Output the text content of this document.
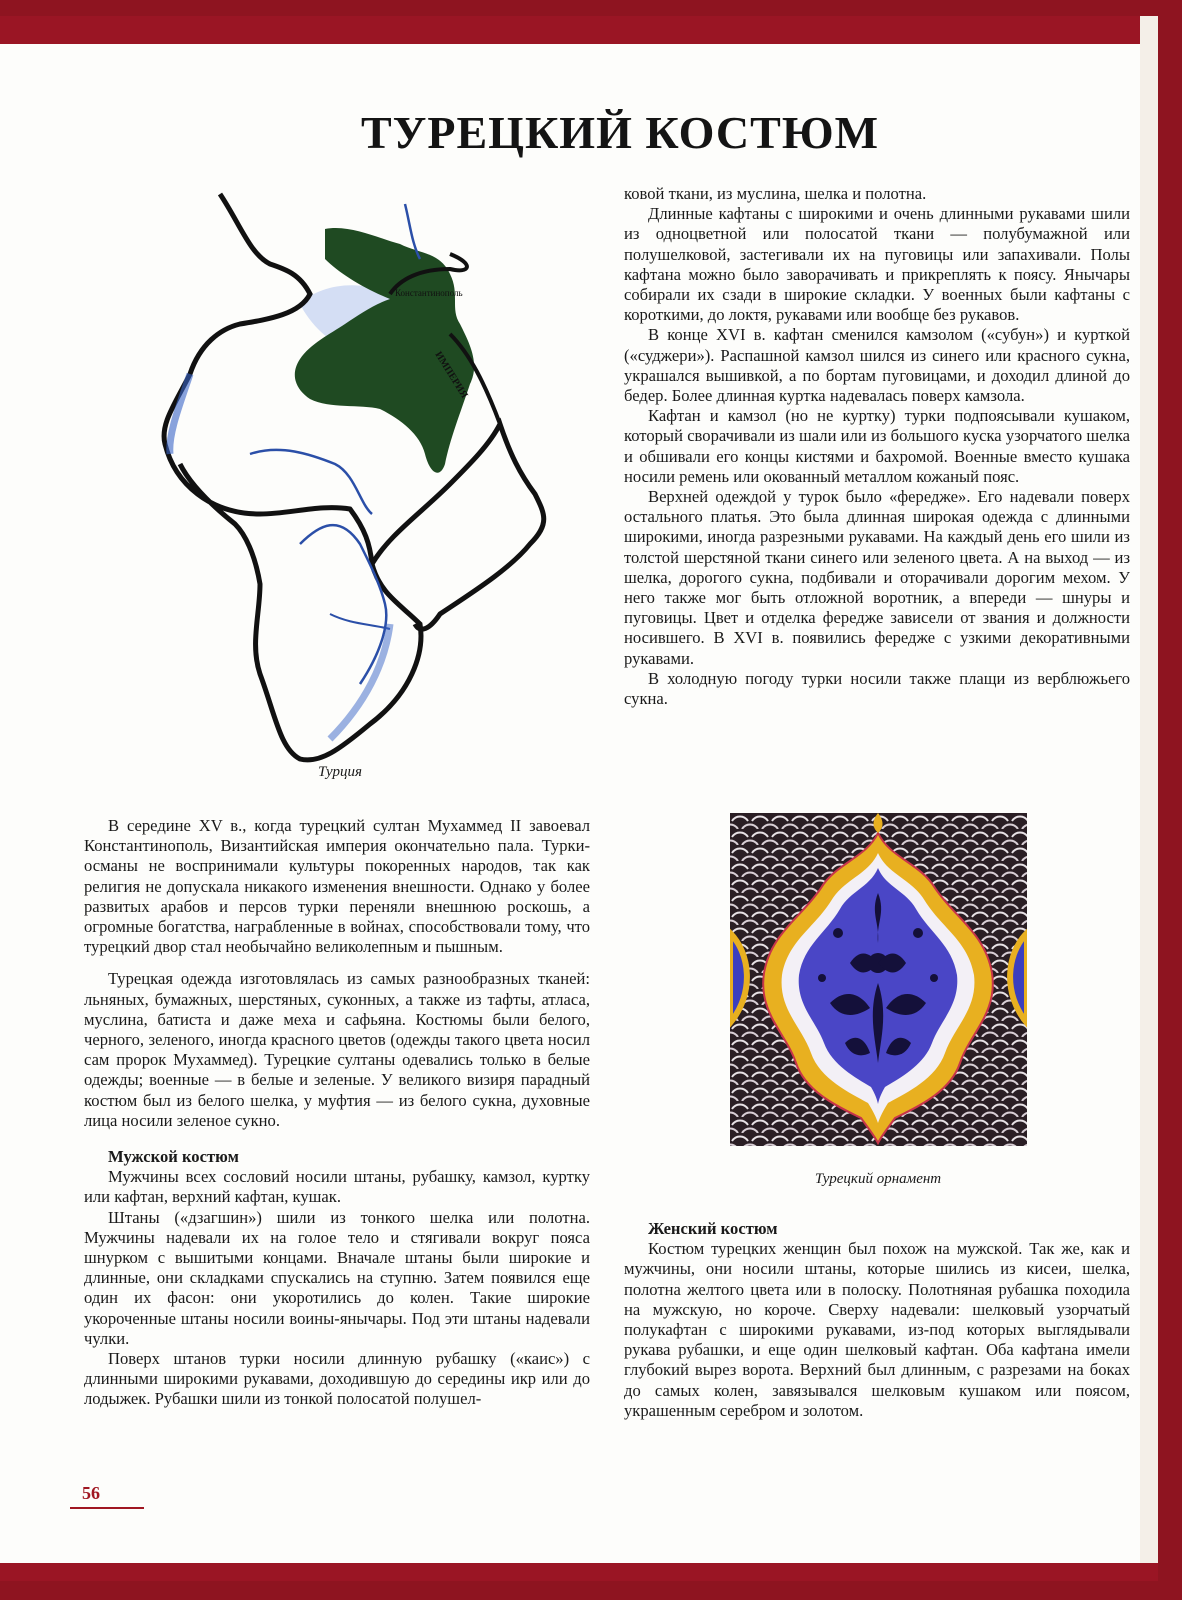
ТУРЕЦКИЙ КОСТЮМ
Константинополь
ИМПЕРИЯ
Турция

В середине XV в., когда турецкий султан Мухаммед II завоевал Константинополь, Византийская империя окончательно пала. Турки-османы не воспринимали культуры покоренных народов, так как религия не допускала никакого изменения внешности. Однако у более развитых арабов и персов турки переняли внешнюю роскошь, а огромные богатства, награбленные в войнах, способствовали тому, что турецкий двор стал необычайно великолепным и пышным.

Турецкая одежда изготовлялась из самых разнообразных тканей: льняных, бумажных, шерстяных, суконных, а также из тафты, атласа, муслина, батиста и даже меха и сафьяна. Костюмы были белого, черного, зеленого, иногда красного цветов (одежды такого цвета носил сам пророк Мухаммед). Турецкие султаны одевались только в белые одежды; военные — в белые и зеленые. У великого визиря парадный костюм был из белого шелка, у муфтия — из белого сукна, духовные лица носили зеленое сукно.

Мужской костюм

Мужчины всех сословий носили штаны, рубашку, камзол, куртку или кафтан, верхний кафтан, кушак.

Штаны («дзагшин») шили из тонкого шелка или полотна. Мужчины надевали их на голое тело и стягивали вокруг пояса шнурком с вышитыми концами. Вначале штаны были широкие и длинные, они складками спускались на ступню. Затем появился еще один их фасон: они укоротились до колен. Такие широкие укороченные штаны носили воины-янычары. Под эти штаны надевали чулки.

Поверх штанов турки носили длинную рубашку («каис») с длинными широкими рукавами, доходившую до середины икр или до лодыжек. Рубашки шили из тонкой полосатой полушел-

ковой ткани, из муслина, шелка и полотна.

Длинные кафтаны с широкими и очень длинными рукавами шили из одноцветной или полосатой ткани — полубумажной или полушелковой, застегивали их на пуговицы или запахивали. Полы кафтана можно было заворачивать и прикреплять к поясу. Янычары собирали их сзади в широкие складки. У военных были кафтаны с короткими, до локтя, рукавами или вообще без рукавов.

В конце XVI в. кафтан сменился камзолом («субун») и курткой («суджери»). Распашной камзол шился из синего или красного сукна, украшался вышивкой, а по бортам пуговицами, и доходил длиной до бедер. Более длинная куртка надевалась поверх камзола.

Кафтан и камзол (но не куртку) турки подпоясывали кушаком, который сворачивали из шали или из большого куска узорчатого шелка и обшивали его концы кистями и бахромой. Военные вместо кушака носили ремень или окованный металлом кожаный пояс.

Верхней одеждой у турок было «фередже». Его надевали поверх остального платья. Это была длинная широкая одежда с длинными широкими, иногда разрезными рукавами. На каждый день его шили из толстой шерстяной ткани синего или зеленого цвета. А на выход — из шелка, дорогого сукна, подбивали и оторачивали дорогим мехом. У него также мог быть отложной воротник, а впереди — шнуры и пуговицы. Цвет и отделка фередже зависели от звания и должности носившего. В XVI в. появились фередже с узкими декоративными рукавами.

В холодную погоду турки носили также плащи из верблюжьего сукна.

Турецкий орнамент
Женский костюм

Костюм турецких женщин был похож на мужской. Так же, как и мужчины, они носили штаны, которые шились из кисеи, шелка, полотна желтого цвета или в полоску. Полотняная рубашка походила на мужскую, но короче. Сверху надевали: шелковый узорчатый полукафтан с широкими рукавами, из-под которых выглядывали рукава рубашки, и еще один шелковый кафтан. Оба кафтана имели глубокий вырез ворота. Верхний был длинным, с разрезами на боках до самых колен, завязывался шелковым кушаком или поясом, украшенным серебром и золотом.

56
